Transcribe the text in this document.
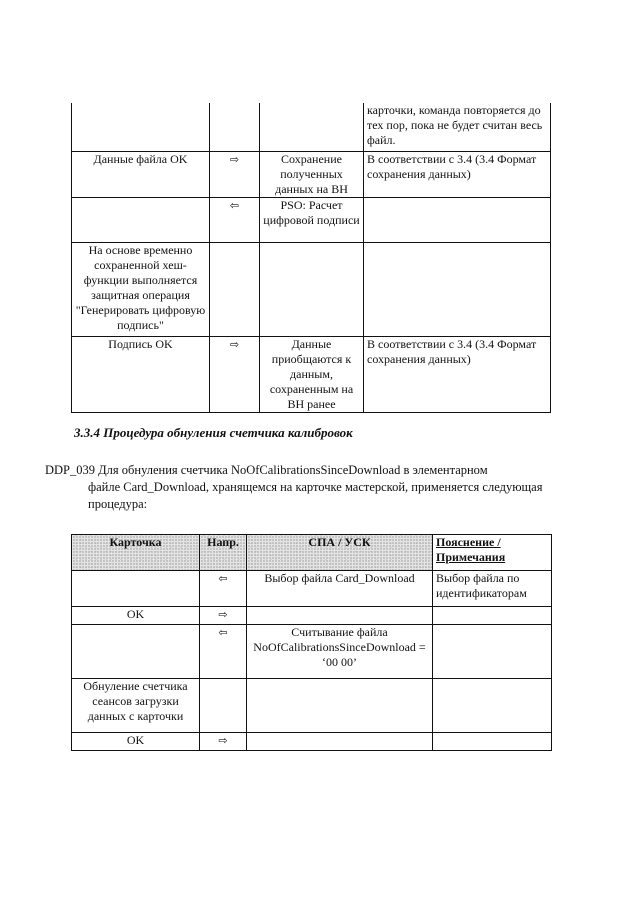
			карточки, команда повторяется до тех пор, пока не будет считан весь файл.
Данные файла OK	⇨	Сохранение полученных данных на ВН	В соответствии с 3.4 (3.4 Формат сохранения данных)
	⇦	PSO: Расчет цифровой подписи	
На основе временно сохраненной хеш-функции выполняется защитная операция "Генерировать цифровую подпись"			
Подпись OK	⇨	Данные приобщаются к данным, сохраненным на ВН ранее	В соответствии с 3.4 (3.4 Формат сохранения данных)
3.3.4 Процедура обнуления счетчика калибровок
DDP_039 Для обнуления счетчика NoOfCalibrationsSinceDownload в элементарном
файле Card_Download, хранящемся на карточке мастерской, применяется следующая
процедура:
Карточка	Напр.	СПА / УСК	Пояснение / Примечания
	⇦	Выбор файла Card_Download	Выбор файла по идентификаторам
OK	⇨		
	⇦	Считывание файла NoOfCalibrationsSinceDownload = ‘00 00’	
Обнуление счетчика сеансов загрузки данных с карточки			
OK	⇨		
